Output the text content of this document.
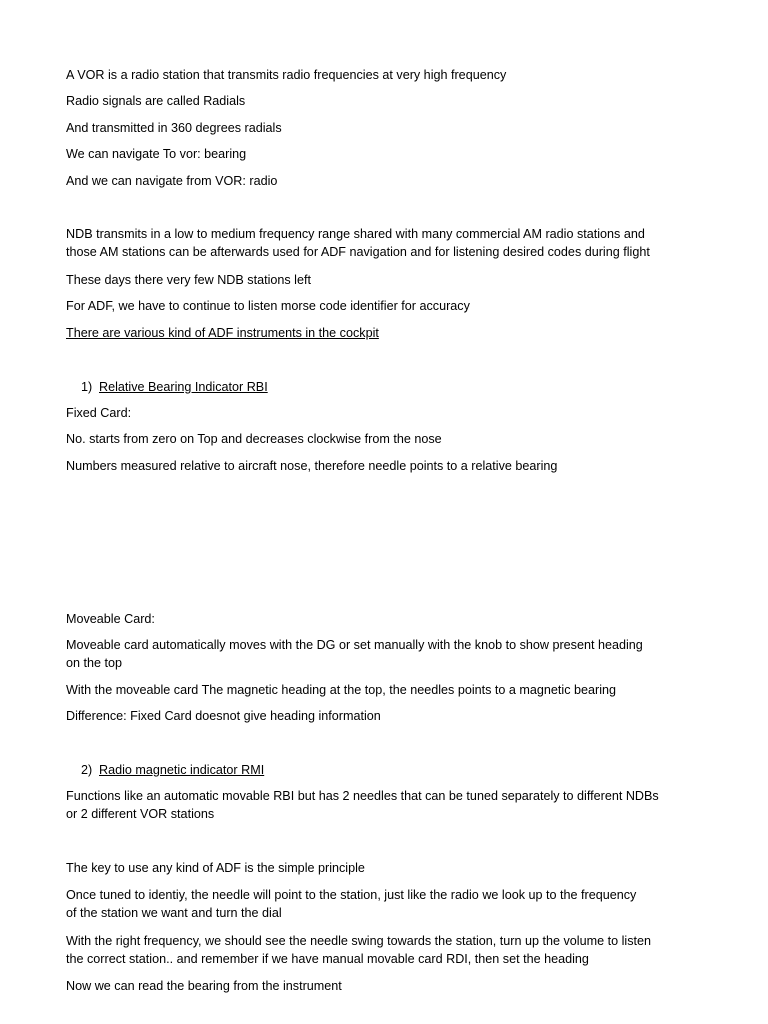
A VOR is a radio station that transmits radio frequencies at very high frequency
Radio signals are called Radials
And transmitted in 360 degrees radials
We can navigate To vor: bearing
And we can navigate from VOR: radio
NDB transmits in a low to medium frequency range shared with many commercial AM radio stations and
those AM stations can be afterwards used for ADF navigation and for listening desired codes during flight
These days there very few NDB stations left
For ADF, we have to continue to listen morse code identifier for accuracy
There are various kind of ADF instruments in the cockpit
1) Relative Bearing Indicator RBI
Fixed Card:
No. starts from zero on Top and decreases clockwise from the nose
Numbers measured relative to aircraft nose, therefore needle points to a relative bearing
Moveable Card:
Moveable card automatically moves with the DG or set manually with the knob to show present heading
on the top
With the moveable card The magnetic heading at the top, the needles points to a magnetic bearing
Difference: Fixed Card doesnot give heading information
2) Radio magnetic indicator RMI
Functions like an automatic movable RBI but has 2 needles that can be tuned separately to different NDBs
or 2 different VOR stations
The key to use any kind of ADF is the simple principle
Once tuned to identiy, the needle will point to the station, just like the radio we look up to the frequency
of the station we want and turn the dial
With the right frequency, we should see the needle swing towards the station, turn up the volume to listen
the correct station.. and remember if we have manual movable card RDI, then set the heading
Now we can read the bearing from the instrument
